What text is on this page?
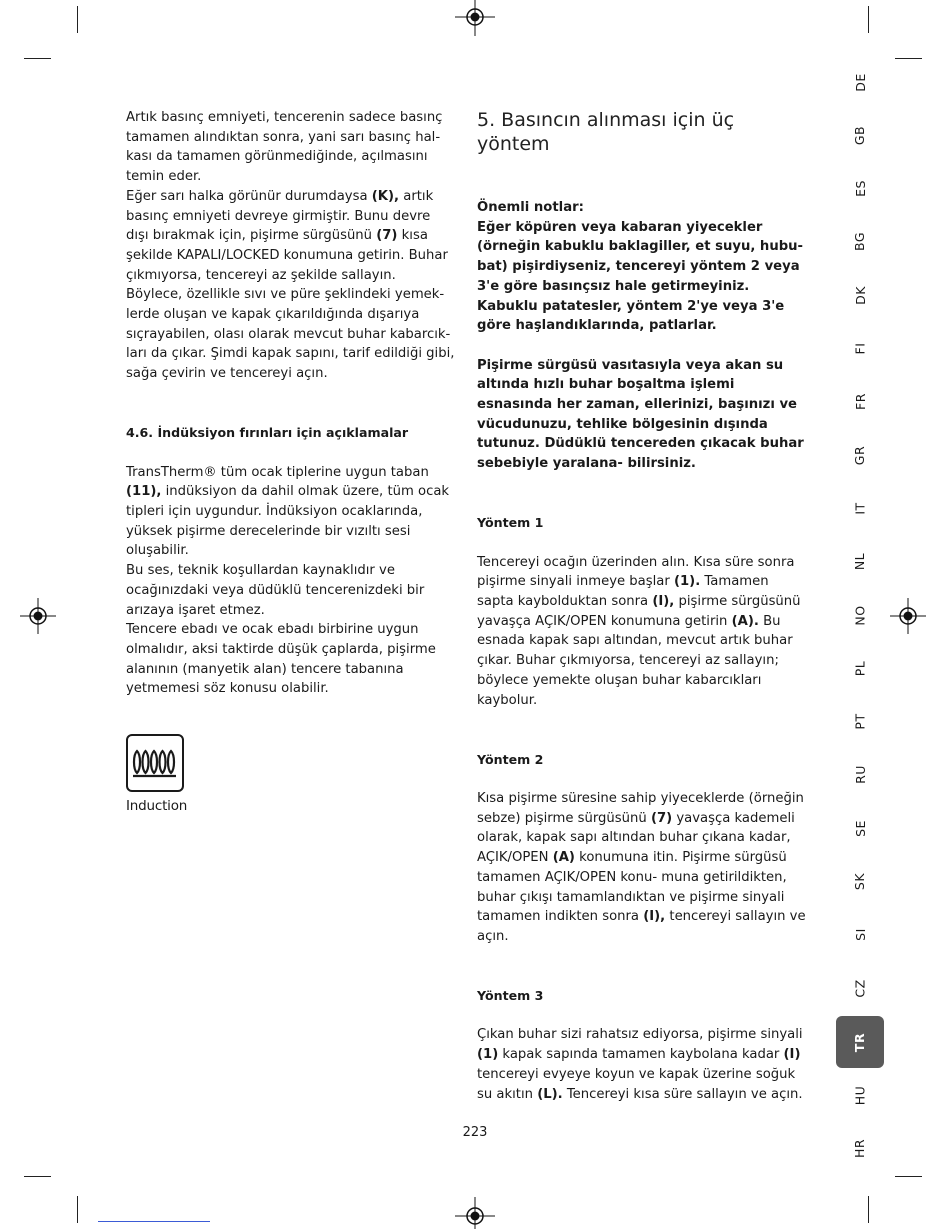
Artık basınç emniyeti, tencerenin sadece basınç tamamen alındıktan sonra, yani sarı basınç hal- kası da tamamen görünmediğinde, açılmasını temin eder.

Eğer sarı halka görünür durumdaysa (K), artık basınç emniyeti devreye girmiştir. Bunu devre dışı bırakmak için, pişirme sürgüsünü (7) kısa şekilde KAPALI/LOCKED konumuna getirin. Buhar çıkmıyorsa, tencereyi az şekilde sallayın. Böylece, özellikle sıvı ve püre şeklindeki yemek- lerde oluşan ve kapak çıkarıldığında dışarıya sıçrayabilen, olası olarak mevcut buhar kabarcık- ları da çıkar. Şimdi kapak sapını, tarif edildiği gibi, sağa çevirin ve tencereyi açın.

4.6. İndüksiyon fırınları için açıklamalar

TransTherm® tüm ocak tiplerine uygun taban (11), indüksiyon da dahil olmak üzere, tüm ocak tipleri için uygundur. İndüksiyon ocaklarında, yüksek pişirme derecelerinde bir vızıltı sesi oluşabilir.

Bu ses, teknik koşullardan kaynaklıdır ve ocağınızdaki veya düdüklü tencerenizdeki bir arızaya işaret etmez.

Tencere ebadı ve ocak ebadı birbirine uygun olmalıdır, aksi taktirde düşük çaplarda, pişirme alanının (manyetik alan) tencere tabanına yetmemesi söz konusu olabilir.

Induction

5. Basıncın alınması için üç yöntem

Önemli notlar:

Eğer köpüren veya kabaran yiyecekler (örneğin kabuklu baklagiller, et suyu, hubu- bat) pişirdiyseniz, tencereyi yöntem 2 veya 3'e göre basınçsız hale getirmeyiniz.

Kabuklu patatesler, yöntem 2'ye veya 3'e göre haşlandıklarında, patlarlar.

Pişirme sürgüsü vasıtasıyla veya akan su altında hızlı buhar boşaltma işlemi esnasında her zaman, ellerinizi, başınızı ve vücudunuzu, tehlike bölgesinin dışında tutunuz. Düdüklü tencereden çıkacak buhar sebebiyle yaralana- bilirsiniz.

Yöntem 1

Tencereyi ocağın üzerinden alın. Kısa süre sonra pişirme sinyali inmeye başlar (1). Tamamen sapta kaybolduktan sonra (I), pişirme sürgüsünü yavaşça AÇIK/OPEN konumuna getirin (A). Bu esnada kapak sapı altından, mevcut artık buhar çıkar. Buhar çıkmıyorsa, tencereyi az sallayın; böylece yemekte oluşan buhar kabarcıkları kaybolur.

Yöntem 2

Kısa pişirme süresine sahip yiyeceklerde (örneğin sebze) pişirme sürgüsünü (7) yavaşça kademeli olarak, kapak sapı altından buhar çıkana kadar, AÇIK/OPEN (A) konumuna itin. Pişirme sürgüsü tamamen AÇIK/OPEN konu- muna getirildikten, buhar çıkışı tamamlandıktan ve pişirme sinyali tamamen indikten sonra (I), tencereyi sallayın ve açın.

Yöntem 3

Çıkan buhar sizi rahatsız ediyorsa, pişirme sinyali (1) kapak sapında tamamen kaybolana kadar (I) tencereyi evyeye koyun ve kapak üzerine soğuk su akıtın (L). Tencereyi kısa süre sallayın ve açın.

DE
GB
ES
BG
DK
FI
FR
GR
IT
NL
NO
PL
PT
RU
SE
SK
SI
CZ
TR
HU
HR
223
